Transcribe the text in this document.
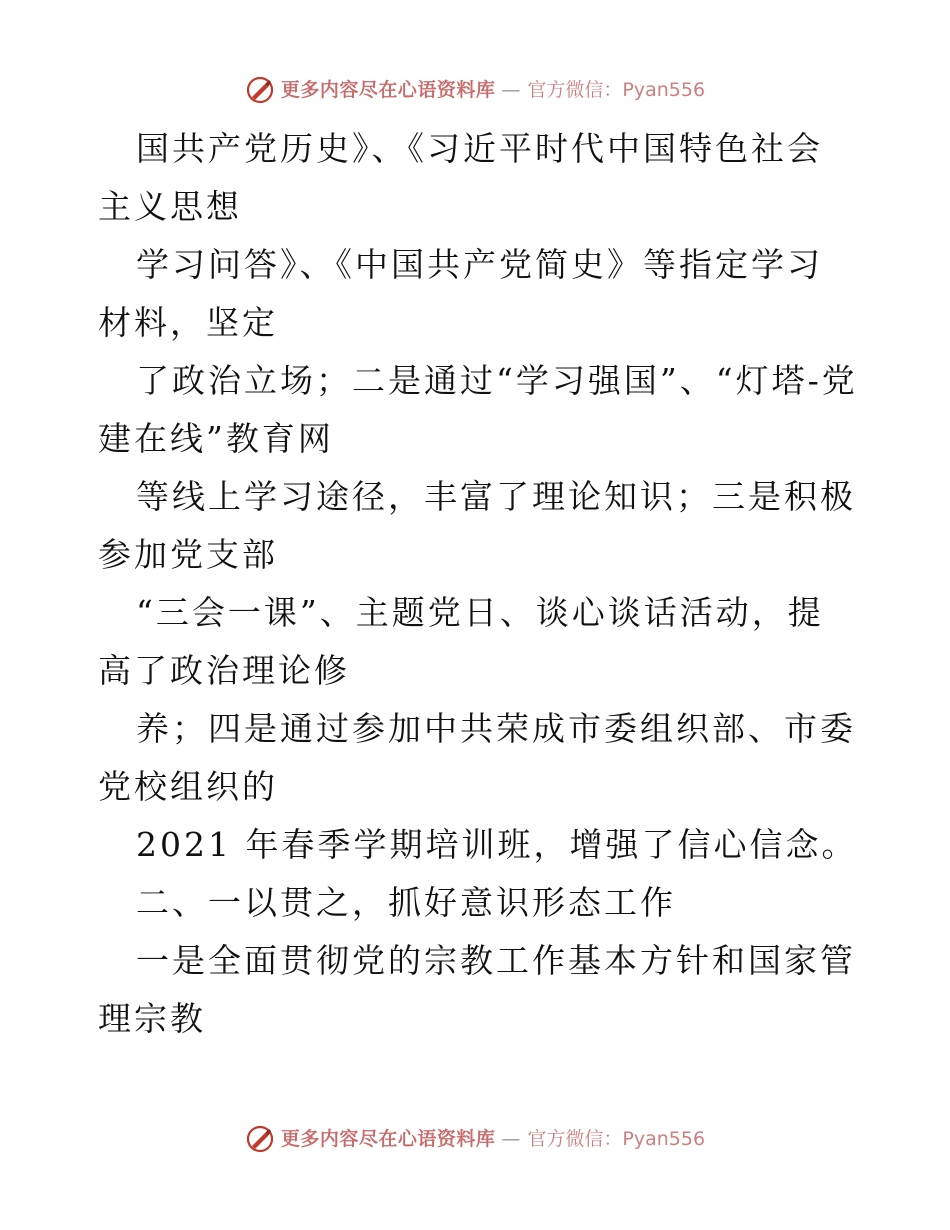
更多内容尽在心语资料库 — 官方微信：Pyan556

国共产党历史》、《习近平时代中国特色社会主义思想

学习问答》、《中国共产党简史》等指定学习材料，坚定

了政治立场；二是通过“学习强国”、“灯塔-党建在线”教育网

等线上学习途径，丰富了理论知识；三是积极参加党支部

“三会一课”、主题党日、谈心谈话活动，提高了政治理论修

养；四是通过参加中共荣成市委组织部、市委党校组织的

2021 年春季学期培训班，增强了信心信念。

二、一以贯之，抓好意识形态工作

一是全面贯彻党的宗教工作基本方针和国家管理宗教

更多内容尽在心语资料库 — 官方微信：Pyan556
